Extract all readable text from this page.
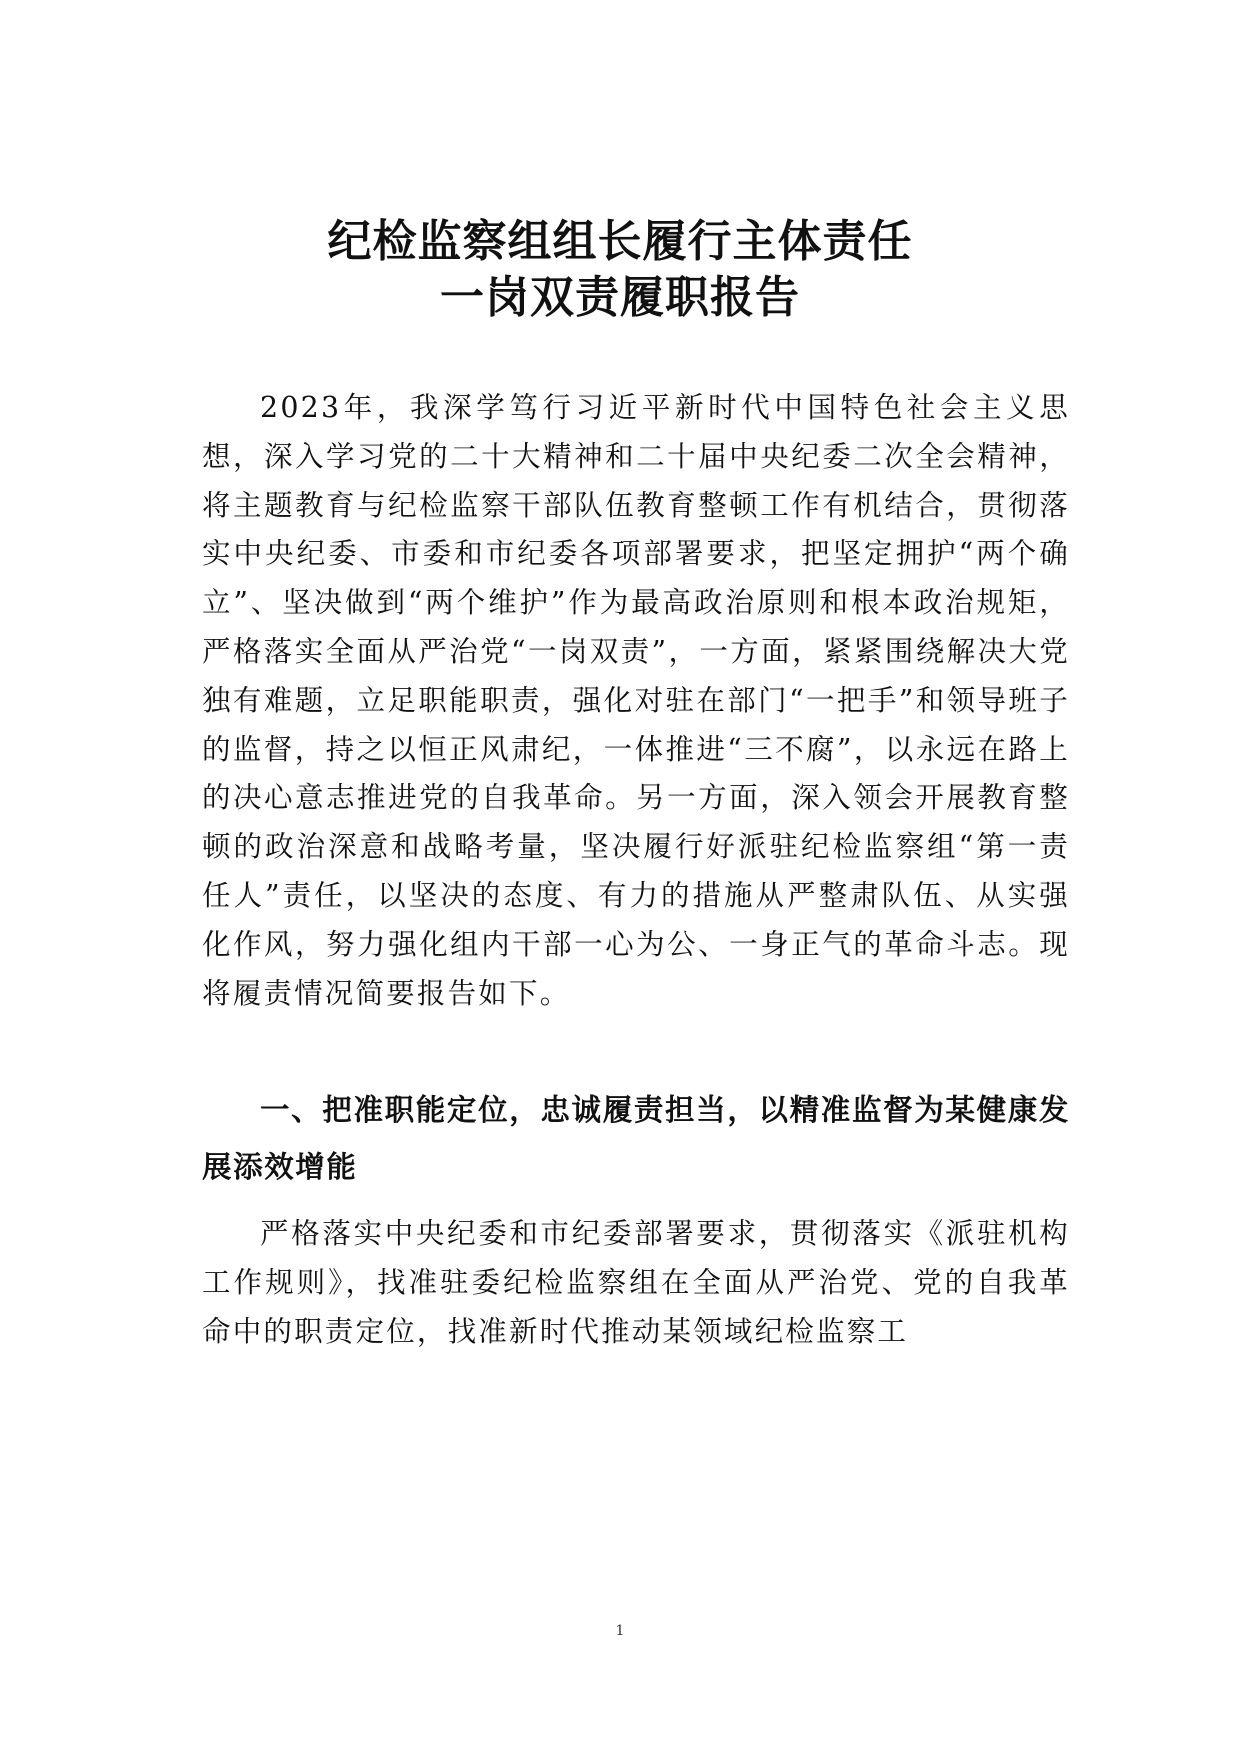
纪检监察组组长履行主体责任
一岗双责履职报告
2023年，我深学笃行习近平新时代中国特色社会主义思想，深入学习党的二十大精神和二十届中央纪委二次全会精神，将主题教育与纪检监察干部队伍教育整顿工作有机结合，贯彻落实中央纪委、市委和市纪委各项部署要求，把坚定拥护“两个确立”、坚决做到“两个维护”作为最高政治原则和根本政治规矩，严格落实全面从严治党“一岗双责”，一方面，紧紧围绕解决大党独有难题，立足职能职责，强化对驻在部门“一把手”和领导班子的监督，持之以恒正风肃纪，一体推进“三不腐”，以永远在路上的决心意志推进党的自我革命。另一方面，深入领会开展教育整顿的政治深意和战略考量，坚决履行好派驻纪检监察组“第一责任人”责任，以坚决的态度、有力的措施从严整肃队伍、从实强化作风，努力强化组内干部一心为公、一身正气的革命斗志。现将履责情况简要报告如下。
一、把准职能定位，忠诚履责担当，以精准监督为某健康发展添效增能
严格落实中央纪委和市纪委部署要求，贯彻落实《派驻机构工作规则》，找准驻委纪检监察组在全面从严治党、党的自我革命中的职责定位，找准新时代推动某领域纪检监察工
1
